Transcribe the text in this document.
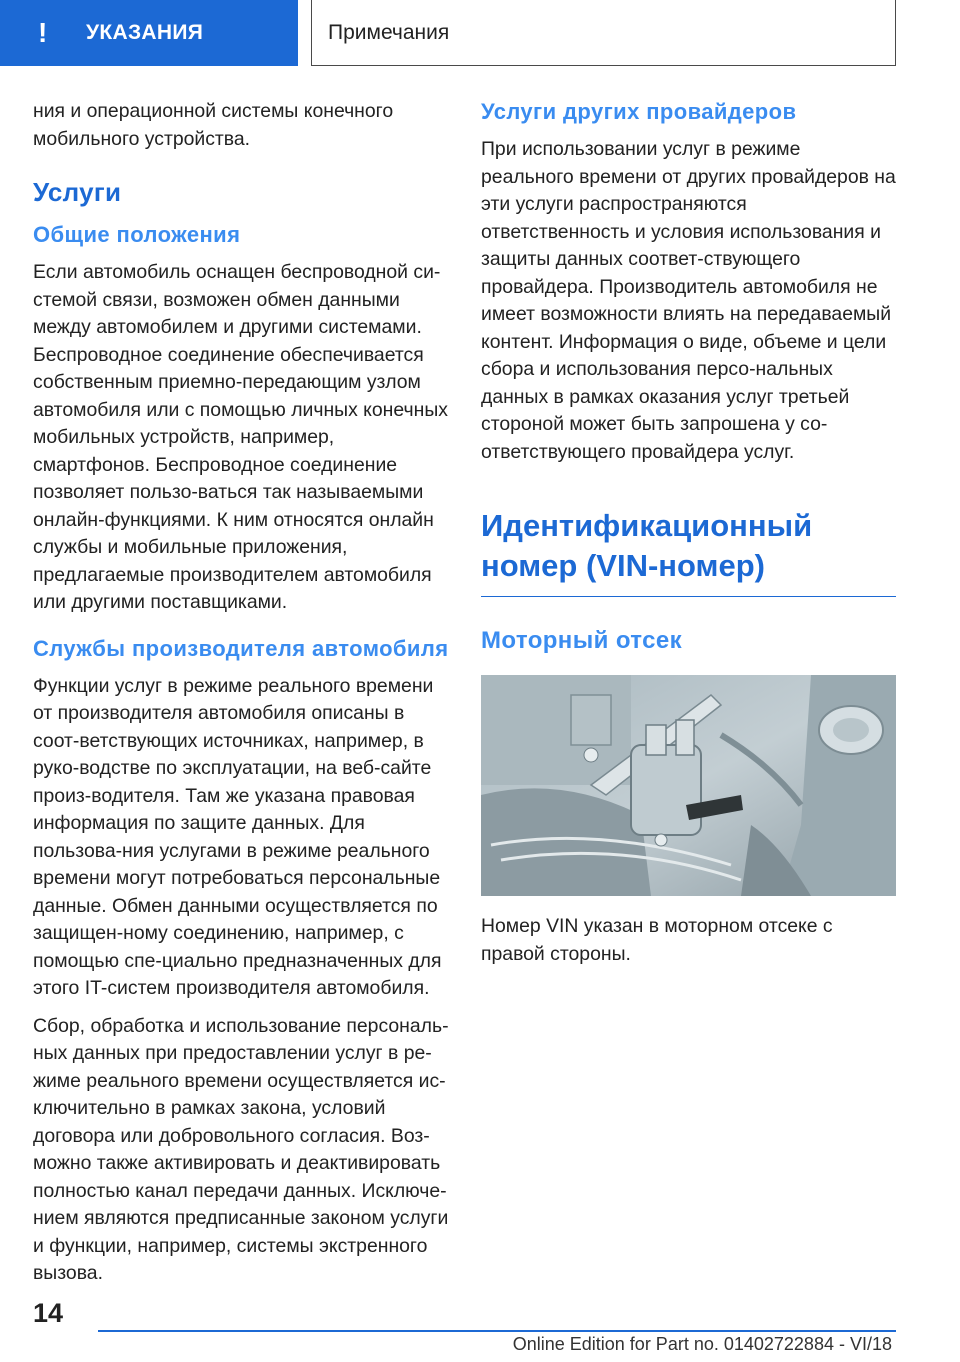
!	УКАЗАНИЯ	Примечания

ния и операционной системы конечного мобильного устройства.

Услуги
Общие положения

Если автомобиль оснащен беспроводной си-стемой связи, возможен обмен данными между автомобилем и другими системами. Беспроводное соединение обеспечивается собственным приемно-передающим узлом автомобиля или с помощью личных конечных мобильных устройств, например, смартфонов. Беспроводное соединение позволяет пользо-ваться так называемыми онлайн-функциями. К ним относятся онлайн службы и мобильные приложения, предлагаемые производителем автомобиля или другими поставщиками.

Службы производителя автомобиля

Функции услуг в режиме реального времени от производителя автомобиля описаны в соот-ветствующих источниках, например, в руко-водстве по эксплуатации, на веб-сайте произ-водителя. Там же указана правовая информация по защите данных. Для пользова-ния услугами в режиме реального времени могут потребоваться персональные данные. Обмен данными осуществляется по защищен-ному соединению, например, с помощью спе-циально предназначенных для этого IT-систем производителя автомобиля.

Сбор, обработка и использование персональ-ных данных при предоставлении услуг в ре-жиме реального времени осуществляется ис-ключительно в рамках закона, условий договора или добровольного согласия. Воз-можно также активировать и деактивировать полностью канал передачи данных. Исключе-нием являются предписанные законом услуги и функции, например, системы экстренного вызова.

Услуги других провайдеров

При использовании услуг в режиме реального времени от других провайдеров на эти услуги распространяются ответственность и условия использования и защиты данных соответ-ствующего провайдера. Производитель автомобиля не имеет возможности влиять на передаваемый контент. Информация о виде, объеме и цели сбора и использования персо-нальных данных в рамках оказания услуг третьей стороной может быть запрошена у со-ответствующего провайдера услуг.

Идентификационный номер (VIN-номер)
Моторный отсек

Номер VIN указан в моторном отсеке с правой стороны.

14
Online Edition for Part no. 01402722884 - VI/18
